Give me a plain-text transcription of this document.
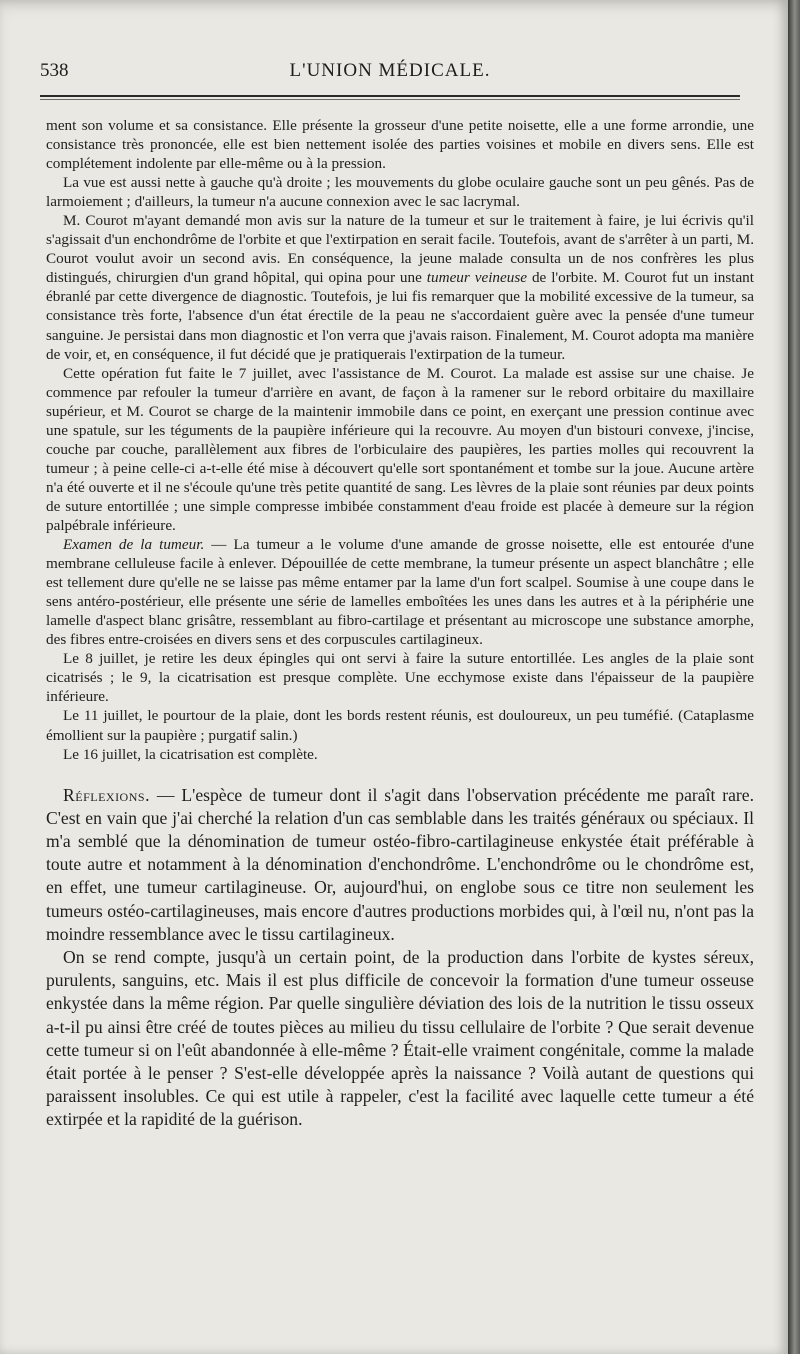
538	L'UNION MÉDICALE.

ment son volume et sa consistance. Elle présente la grosseur d'une petite noisette, elle a une forme arrondie, une consistance très prononcée, elle est bien nettement isolée des parties voisines et mobile en divers sens. Elle est complétement indolente par elle-même ou à la pression.

La vue est aussi nette à gauche qu'à droite ; les mouvements du globe oculaire gauche sont un peu gênés. Pas de larmoiement ; d'ailleurs, la tumeur n'a aucune connexion avec le sac lacrymal.

M. Courot m'ayant demandé mon avis sur la nature de la tumeur et sur le traitement à faire, je lui écrivis qu'il s'agissait d'un enchondrôme de l'orbite et que l'extirpation en serait facile. Toutefois, avant de s'arrêter à un parti, M. Courot voulut avoir un second avis. En conséquence, la jeune malade consulta un de nos confrères les plus distingués, chirurgien d'un grand hôpital, qui opina pour une tumeur veineuse de l'orbite. M. Courot fut un instant ébranlé par cette divergence de diagnostic. Toutefois, je lui fis remarquer que la mobilité excessive de la tumeur, sa consistance très forte, l'absence d'un état érectile de la peau ne s'accordaient guère avec la pensée d'une tumeur sanguine. Je persistai dans mon diagnostic et l'on verra que j'avais raison. Finalement, M. Courot adopta ma manière de voir, et, en conséquence, il fut décidé que je pratiquerais l'extirpation de la tumeur.

Cette opération fut faite le 7 juillet, avec l'assistance de M. Courot. La malade est assise sur une chaise. Je commence par refouler la tumeur d'arrière en avant, de façon à la ramener sur le rebord orbitaire du maxillaire supérieur, et M. Courot se charge de la maintenir immobile dans ce point, en exerçant une pression continue avec une spatule, sur les téguments de la paupière inférieure qui la recouvre. Au moyen d'un bistouri convexe, j'incise, couche par couche, parallèlement aux fibres de l'orbiculaire des paupières, les parties molles qui recouvrent la tumeur ; à peine celle-ci a-t-elle été mise à découvert qu'elle sort spontanément et tombe sur la joue. Aucune artère n'a été ouverte et il ne s'écoule qu'une très petite quantité de sang. Les lèvres de la plaie sont réunies par deux points de suture entortillée ; une simple compresse imbibée constamment d'eau froide est placée à demeure sur la région palpébrale inférieure.

Examen de la tumeur. — La tumeur a le volume d'une amande de grosse noisette, elle est entourée d'une membrane celluleuse facile à enlever. Dépouillée de cette membrane, la tumeur présente un aspect blanchâtre ; elle est tellement dure qu'elle ne se laisse pas même entamer par la lame d'un fort scalpel. Soumise à une coupe dans le sens antéro-postérieur, elle présente une série de lamelles emboîtées les unes dans les autres et à la périphérie une lamelle d'aspect blanc grisâtre, ressemblant au fibro-cartilage et présentant au microscope une substance amorphe, des fibres entre-croisées en divers sens et des corpuscules cartilagineux.

Le 8 juillet, je retire les deux épingles qui ont servi à faire la suture entortillée. Les angles de la plaie sont cicatrisés ; le 9, la cicatrisation est presque complète. Une ecchymose existe dans l'épaisseur de la paupière inférieure.

Le 11 juillet, le pourtour de la plaie, dont les bords restent réunis, est douloureux, un peu tuméfié. (Cataplasme émollient sur la paupière ; purgatif salin.)

Le 16 juillet, la cicatrisation est complète.

Réflexions. — L'espèce de tumeur dont il s'agit dans l'observation précédente me paraît rare. C'est en vain que j'ai cherché la relation d'un cas semblable dans les traités généraux ou spéciaux. Il m'a semblé que la dénomination de tumeur ostéo-fibro-cartilagineuse enkystée était préférable à toute autre et notamment à la dénomination d'enchondrôme. L'enchondrôme ou le chondrôme est, en effet, une tumeur cartilagineuse. Or, aujourd'hui, on englobe sous ce titre non seulement les tumeurs ostéo-cartilagineuses, mais encore d'autres productions morbides qui, à l'œil nu, n'ont pas la moindre ressemblance avec le tissu cartilagineux.

On se rend compte, jusqu'à un certain point, de la production dans l'orbite de kystes séreux, purulents, sanguins, etc. Mais il est plus difficile de concevoir la formation d'une tumeur osseuse enkystée dans la même région. Par quelle singulière déviation des lois de la nutrition le tissu osseux a-t-il pu ainsi être créé de toutes pièces au milieu du tissu cellulaire de l'orbite ? Que serait devenue cette tumeur si on l'eût abandonnée à elle-même ? Était-elle vraiment congénitale, comme la malade était portée à le penser ? S'est-elle développée après la naissance ? Voilà autant de questions qui paraissent insolubles. Ce qui est utile à rappeler, c'est la facilité avec laquelle cette tumeur a été extirpée et la rapidité de la guérison.
